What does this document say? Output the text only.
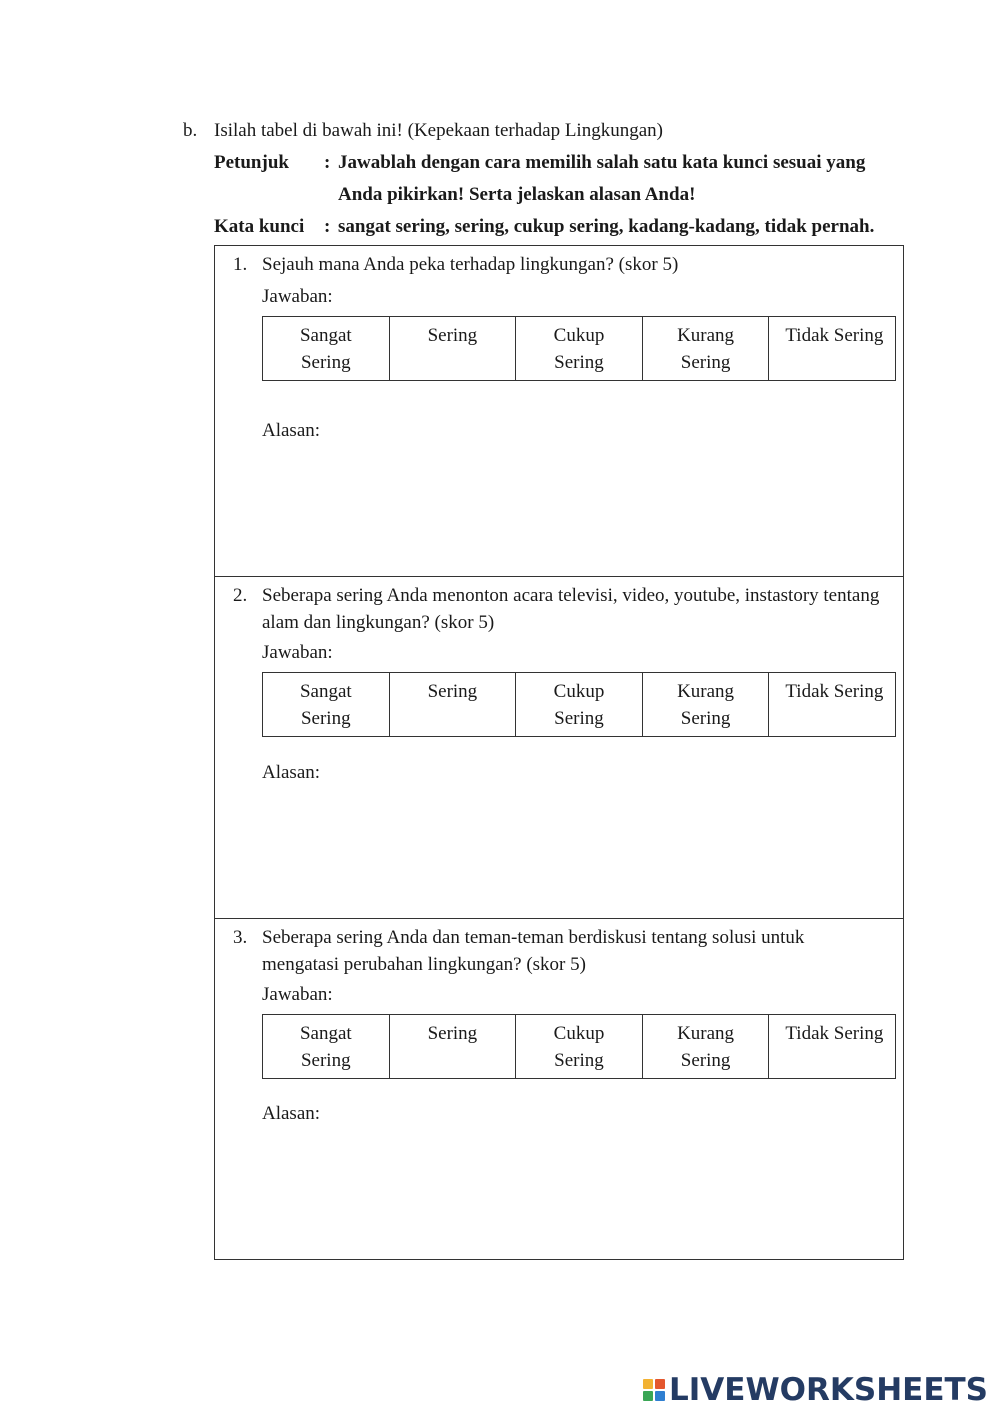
b. Isilah tabel di bawah ini! (Kepekaan terhadap Lingkungan)
Petunjuk : Jawablah dengan cara memilih salah satu kata kunci sesuai yang
Anda pikirkan! Serta jelaskan alasan Anda!
Kata kunci : sangat sering, sering, cukup sering, kadang-kadang, tidak pernah.
1. Sejauh mana Anda peka terhadap lingkungan? (skor 5)
Jawaban:
Sangat Sering	Sering	Cukup Sering	Kurang Sering	Tidak Sering
Alasan:
2. Seberapa sering Anda menonton acara televisi, video, youtube, instastory tentang alam dan lingkungan? (skor 5)
Jawaban:
Sangat Sering	Sering	Cukup Sering	Kurang Sering	Tidak Sering
Alasan:
3. Seberapa sering Anda dan teman-teman berdiskusi tentang solusi untuk mengatasi perubahan lingkungan? (skor 5)
Jawaban:
Sangat Sering	Sering	Cukup Sering	Kurang Sering	Tidak Sering
Alasan:
LIVEWORKSHEETS
